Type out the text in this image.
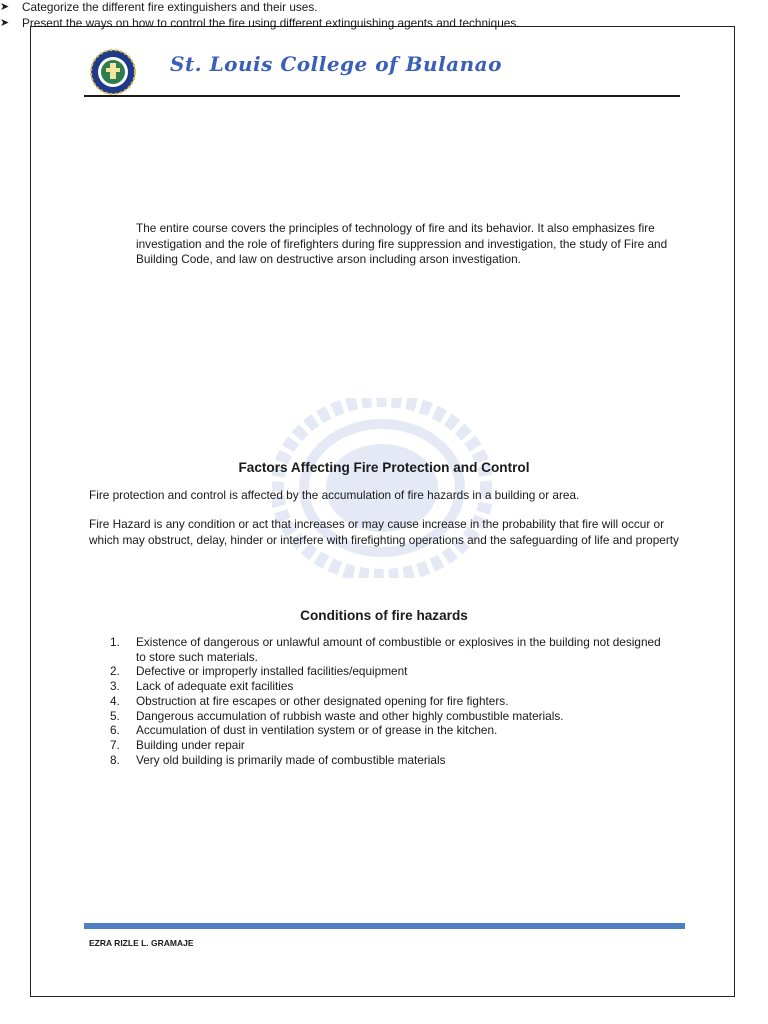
St. Louis College of Bulanao
The entire course covers the principles of technology of fire and its behavior. It also emphasizes fire investigation and the role of firefighters during fire suppression and investigation, the study of Fire and Building Code, and law on destructive arson including arson investigation.
➤ Categorize the different fire extinguishers and their uses.
➤ Present the ways on how to control the fire using different extinguishing agents and techniques.
Factors Affecting Fire Protection and Control
Fire protection and control is affected by the accumulation of fire hazards in a building or area.
Fire Hazard is any condition or act that increases or may cause increase in the probability that fire will occur or which may obstruct, delay, hinder or interfere with firefighting operations and the safeguarding of life and property
Conditions of fire hazards
1. Existence of dangerous or unlawful amount of combustible or explosives in the building not designed to store such materials.
2. Defective or improperly installed facilities/equipment
3. Lack of adequate exit facilities
4. Obstruction at fire escapes or other designated opening for fire fighters.
5. Dangerous accumulation of rubbish waste and other highly combustible materials.
6. Accumulation of dust in ventilation system or of grease in the kitchen.
7. Building under repair
8. Very old building is primarily made of combustible materials
EZRA RIZLE L. GRAMAJE
